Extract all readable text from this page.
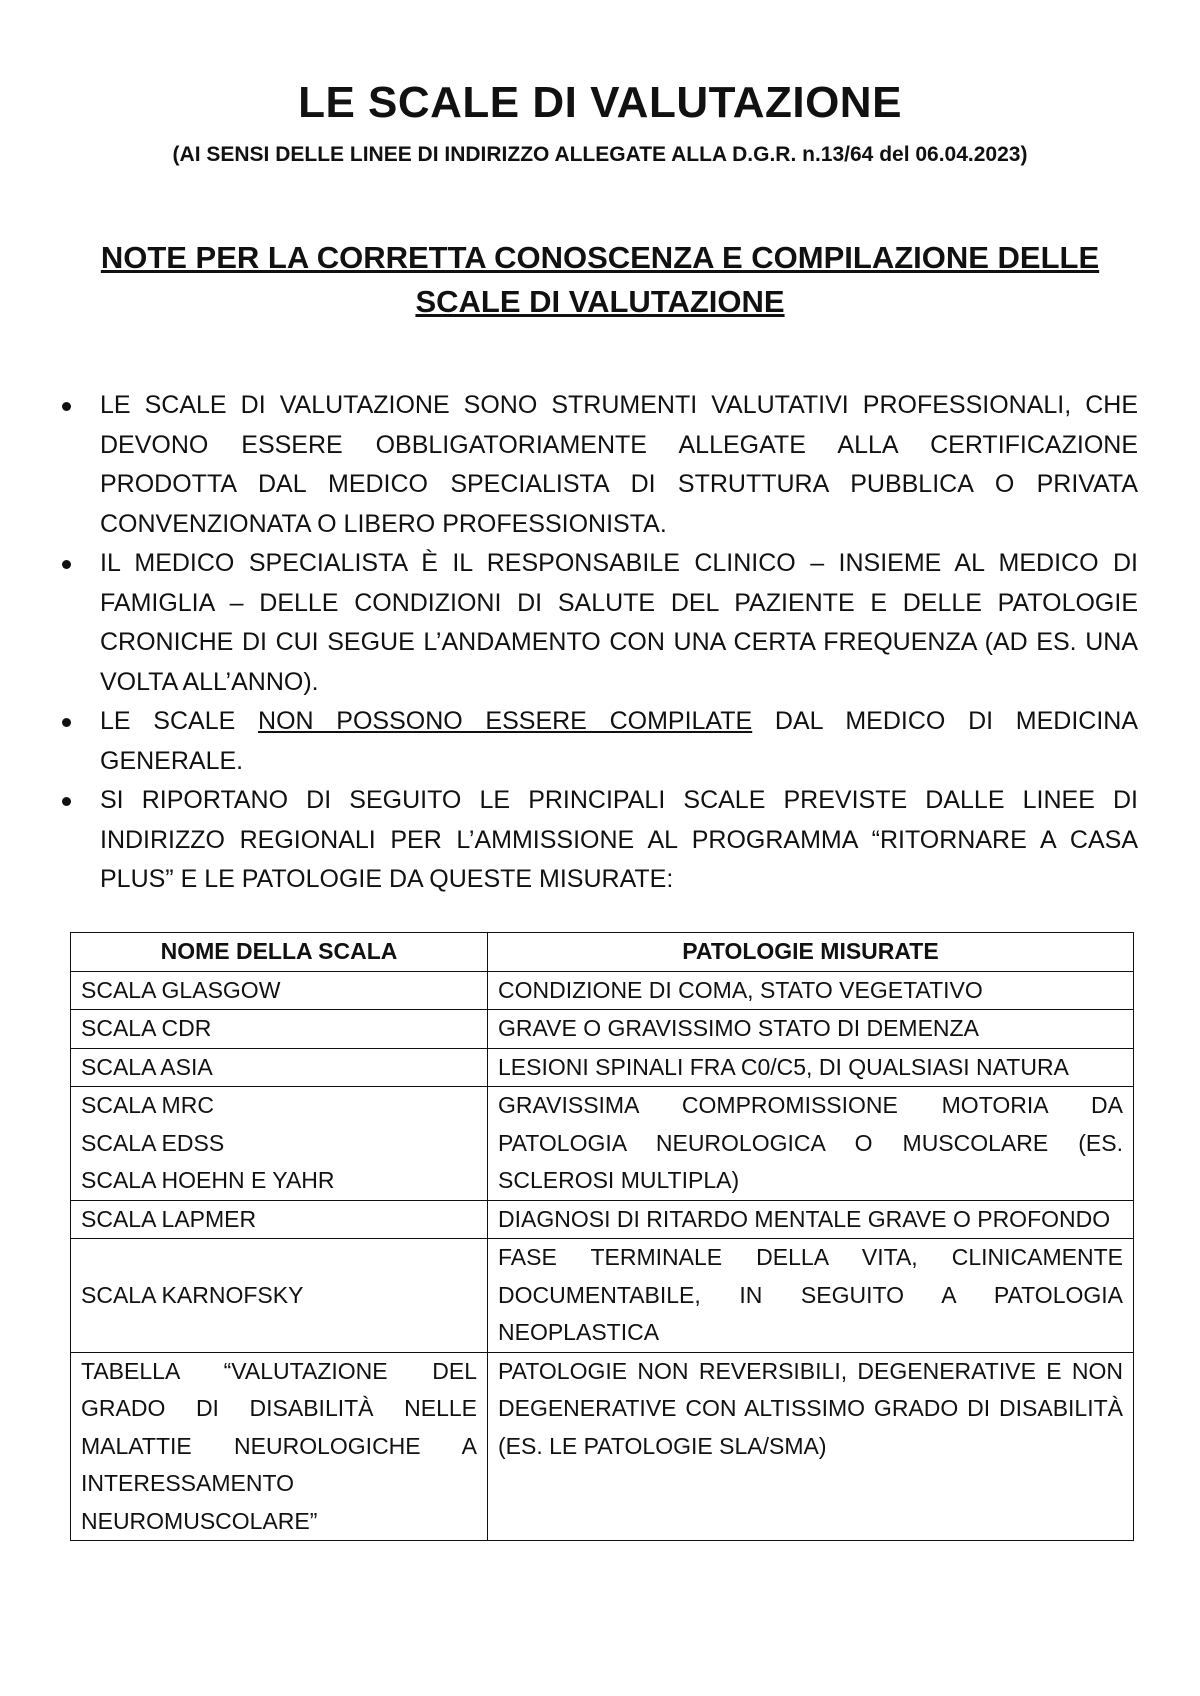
LE SCALE DI VALUTAZIONE
(AI SENSI DELLE LINEE DI INDIRIZZO ALLEGATE ALLA D.G.R. n.13/64 del 06.04.2023)
NOTE PER LA CORRETTA CONOSCENZA E COMPILAZIONE DELLE
SCALE DI VALUTAZIONE
LE SCALE DI VALUTAZIONE SONO STRUMENTI VALUTATIVI PROFESSIONALI, CHE DEVONO ESSERE OBBLIGATORIAMENTE ALLEGATE ALLA CERTIFICAZIONE PRODOTTA DAL MEDICO SPECIALISTA DI STRUTTURA PUBBLICA O PRIVATA CONVENZIONATA O LIBERO PROFESSIONISTA.
IL MEDICO SPECIALISTA È IL RESPONSABILE CLINICO – INSIEME AL MEDICO DI FAMIGLIA – DELLE CONDIZIONI DI SALUTE DEL PAZIENTE E DELLE PATOLOGIE CRONICHE DI CUI SEGUE L’ANDAMENTO CON UNA CERTA FREQUENZA (AD ES. UNA VOLTA ALL’ANNO).
LE SCALE NON POSSONO ESSERE COMPILATE DAL MEDICO DI MEDICINA GENERALE.
SI RIPORTANO DI SEGUITO LE PRINCIPALI SCALE PREVISTE DALLE LINEE DI INDIRIZZO REGIONALI PER L’AMMISSIONE AL PROGRAMMA “RITORNARE A CASA PLUS” E LE PATOLOGIE DA QUESTE MISURATE:
NOME DELLA SCALA	PATOLOGIE MISURATE
SCALA GLASGOW	CONDIZIONE DI COMA, STATO VEGETATIVO
SCALA CDR	GRAVE O GRAVISSIMO STATO DI DEMENZA
SCALA ASIA	LESIONI SPINALI FRA C0/C5, DI QUALSIASI NATURA

SCALA MRC
SCALA EDSS
SCALA HOEHN E YAHR	GRAVISSIMA COMPROMISSIONE MOTORIA DA PATOLOGIA NEUROLOGICA O MUSCOLARE (ES. SCLEROSI MULTIPLA)
SCALA LAPMER	DIAGNOSI DI RITARDO MENTALE GRAVE O PROFONDO
SCALA KARNOFSKY	FASE TERMINALE DELLA VITA, CLINICAMENTE DOCUMENTABILE, IN SEGUITO A PATOLOGIA NEOPLASTICA
TABELLA “VALUTAZIONE DEL GRADO DI DISABILITÀ NELLE MALATTIE NEUROLOGICHE A INTERESSAMENTO NEUROMUSCOLARE”	PATOLOGIE NON REVERSIBILI, DEGENERATIVE E NON DEGENERATIVE CON ALTISSIMO GRADO DI DISABILITÀ (ES. LE PATOLOGIE SLA/SMA)
